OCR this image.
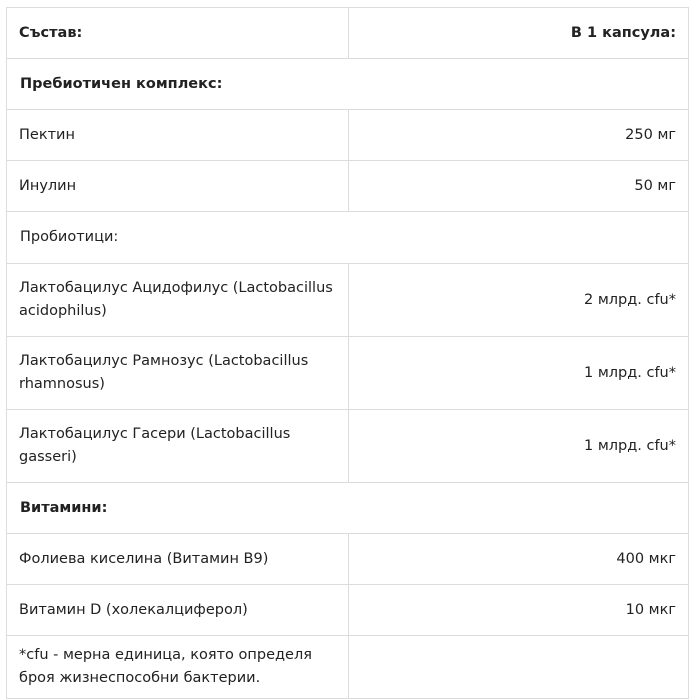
Състав:	В 1 капсула:
Пребиотичен комплекс:	
Пектин	250 мг
Инулин	50 мг
Пробиотици:	
Лактобацилус Ацидофилус (Lactobacillus acidophilus)	2 млрд. cfu*
Лактобацилус Рамнозус (Lactobacillus rhamnosus)	1 млрд. cfu*
Лактобацилус Гасери (Lactobacillus gasseri)	1 млрд. cfu*
Витамини:	
Фолиева киселина (Витамин В9)	400 мкг
Витамин D (холекалциферол)	10 мкг
*cfu - мерна единица, която определя броя жизнеспособни бактерии.	
